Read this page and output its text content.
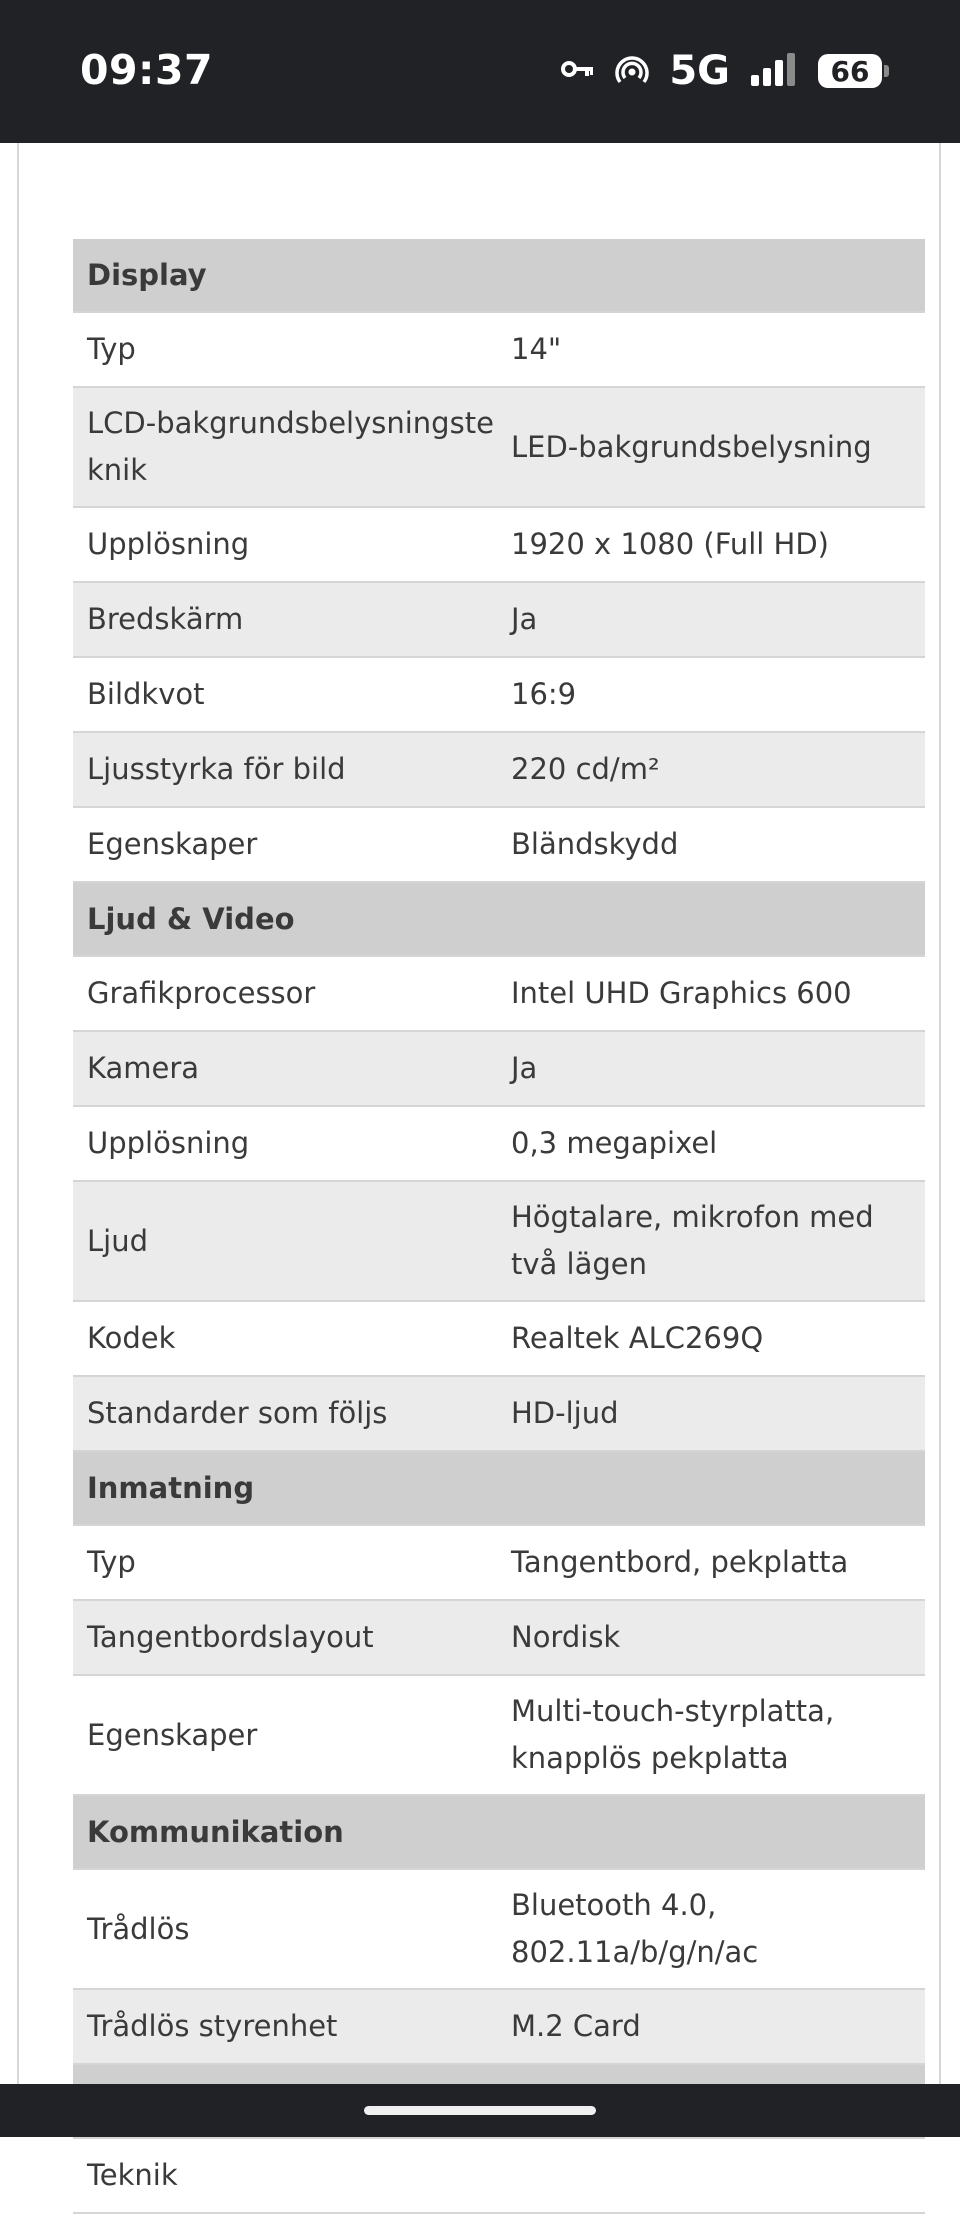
09:37	5G	66
Display	
Typ	14"
LCD-bakgrundsbelysningsteknik	LED-bakgrundsbelysning
Upplösning	1920 x 1080 (Full HD)
Bredskärm	Ja
Bildkvot	16:9
Ljusstyrka för bild	220 cd/m²
Egenskaper	Bländskydd
Ljud & Video	
Grafikprocessor	Intel UHD Graphics 600
Kamera	Ja
Upplösning	0,3 megapixel
Ljud	Högtalare, mikrofon med två lägen
Kodek	Realtek ALC269Q
Standarder som följs	HD-ljud
Inmatning	
Typ	Tangentbord, pekplatta
Tangentbordslayout	Nordisk
Egenskaper	Multi-touch-styrplatta, knapplös pekplatta
Kommunikation	
Trådlös	Bluetooth 4.0, 802.11a/b/g/n/ac
Trådlös styrenhet	M.2 Card

Teknik	
